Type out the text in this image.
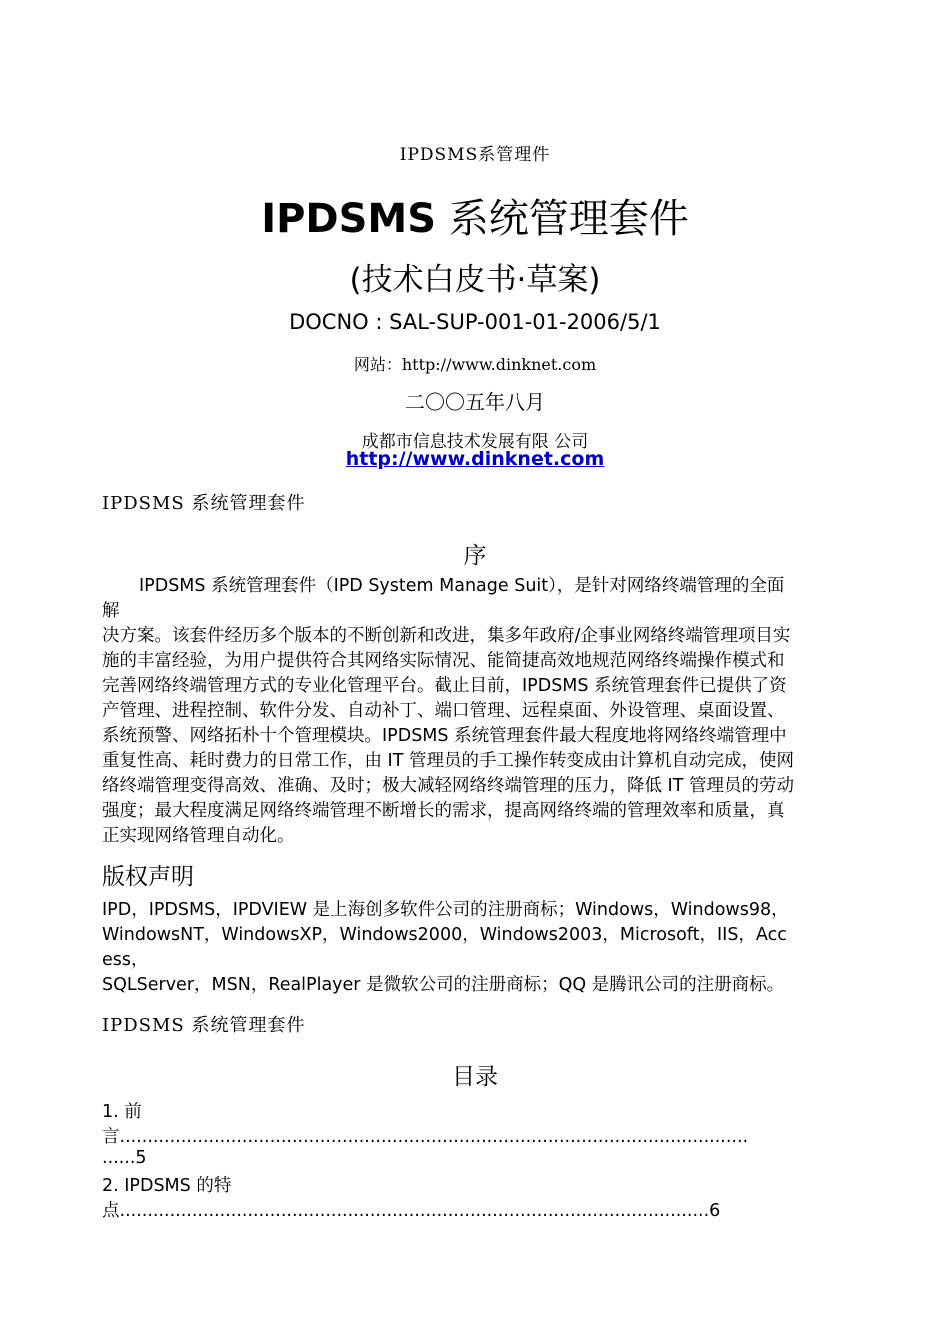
IPDSMS系管理件
IPDSMS 系统管理套件
(技术白皮书·草案)
DOCNO : SAL-SUP-001-01-2006/5/1
网站：http://www.dinknet.com
二〇〇五年八月
成都市信息技术发展有限 公司
http://www.dinknet.com
IPDSMS 系统管理套件
序
IPDSMS 系统管理套件（IPD System Manage Suit），是针对网络终端管理的全面
解
决方案。该套件经历多个版本的不断创新和改进，集多年政府/企事业网络终端管理项目实
施的丰富经验，为用户提供符合其网络实际情况、能简捷高效地规范网络终端操作模式和
完善网络终端管理方式的专业化管理平台。截止目前，IPDSMS 系统管理套件已提供了资
产管理、进程控制、软件分发、自动补丁、端口管理、远程桌面、外设管理、桌面设置、
系统预警、网络拓朴十个管理模块。IPDSMS 系统管理套件最大程度地将网络终端管理中
重复性高、耗时费力的日常工作，由 IT 管理员的手工操作转变成由计算机自动完成，使网
络终端管理变得高效、准确、及时；极大减轻网络终端管理的压力，降低 IT 管理员的劳动
强度；最大程度满足网络终端管理不断增长的需求，提高网络终端的管理效率和质量，真
正实现网络管理自动化。
版权声明
IPD，IPDSMS，IPDVIEW 是上海创多软件公司的注册商标；Windows，Windows98，
WindowsNT，WindowsXP，Windows2000，Windows2003，Microsoft，IIS，Acc
ess，
SQLServer，MSN，RealPlayer 是微软公司的注册商标；QQ 是腾讯公司的注册商标。
IPDSMS 系统管理套件
目录
1. 前
言.................................................................................................................
......5
2. IPDSMS 的特
点..........................................................................................................6
